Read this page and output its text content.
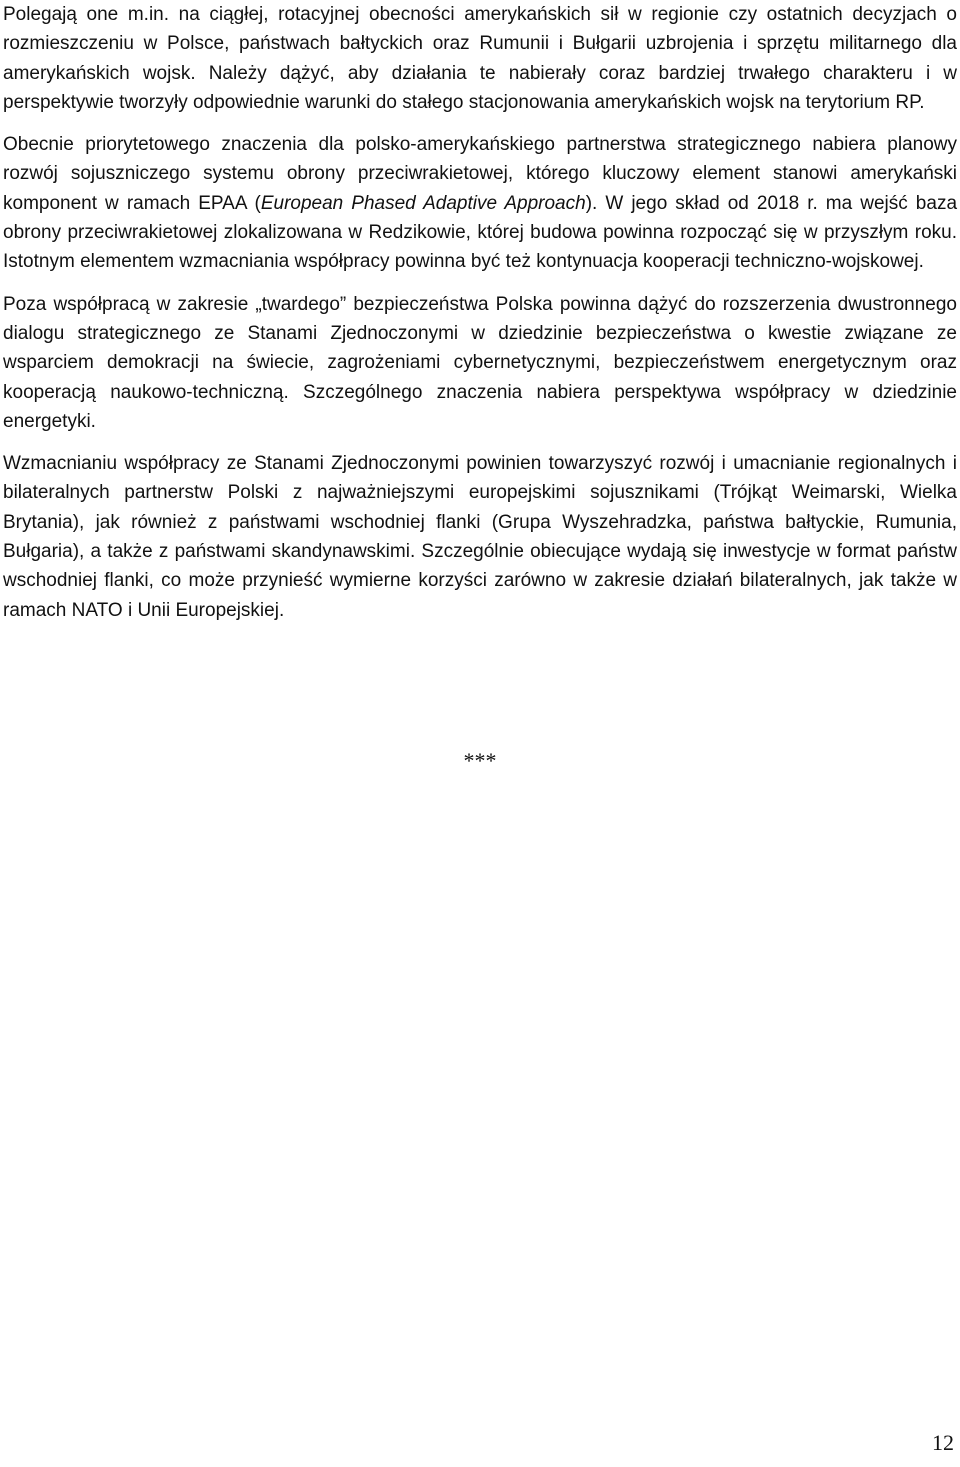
Polegają one m.in. na ciągłej, rotacyjnej obecności amerykańskich sił w regionie czy ostatnich decyzjach o rozmieszczeniu w Polsce, państwach bałtyckich oraz Rumunii i Bułgarii uzbrojenia i sprzętu militarnego dla amerykańskich wojsk. Należy dążyć, aby działania te nabierały coraz bardziej trwałego charakteru i w perspektywie tworzyły odpowiednie warunki do stałego stacjonowania amerykańskich wojsk na terytorium RP.

Obecnie priorytetowego znaczenia dla polsko-amerykańskiego partnerstwa strategicznego nabiera planowy rozwój sojuszniczego systemu obrony przeciwrakietowej, którego kluczowy element stanowi amerykański komponent w ramach EPAA (European Phased Adaptive Approach). W jego skład od 2018 r. ma wejść baza obrony przeciwrakietowej zlokalizowana w Redzikowie, której budowa powinna rozpocząć się w przyszłym roku. Istotnym elementem wzmacniania współpracy powinna być też kontynuacja kooperacji techniczno-wojskowej.

Poza współpracą w zakresie „twardego” bezpieczeństwa Polska powinna dążyć do rozszerzenia dwustronnego dialogu strategicznego ze Stanami Zjednoczonymi w dziedzinie bezpieczeństwa o kwestie związane ze wsparciem demokracji na świecie, zagrożeniami cybernetycznymi, bezpieczeństwem energetycznym oraz kooperacją naukowo-techniczną. Szczególnego znaczenia nabiera perspektywa współpracy w dziedzinie energetyki.

Wzmacnianiu współpracy ze Stanami Zjednoczonymi powinien towarzyszyć rozwój i umacnianie regionalnych i bilateralnych partnerstw Polski z najważniejszymi europejskimi sojusznikami (Trójkąt Weimarski, Wielka Brytania), jak również z państwami wschodniej flanki (Grupa Wyszehradzka, państwa bałtyckie, Rumunia, Bułgaria), a także z państwami skandynawskimi. Szczególnie obiecujące wydają się inwestycje w format państw wschodniej flanki, co może przynieść wymierne korzyści zarówno w zakresie działań bilateralnych, jak także w ramach NATO i Unii Europejskiej.

***
12
